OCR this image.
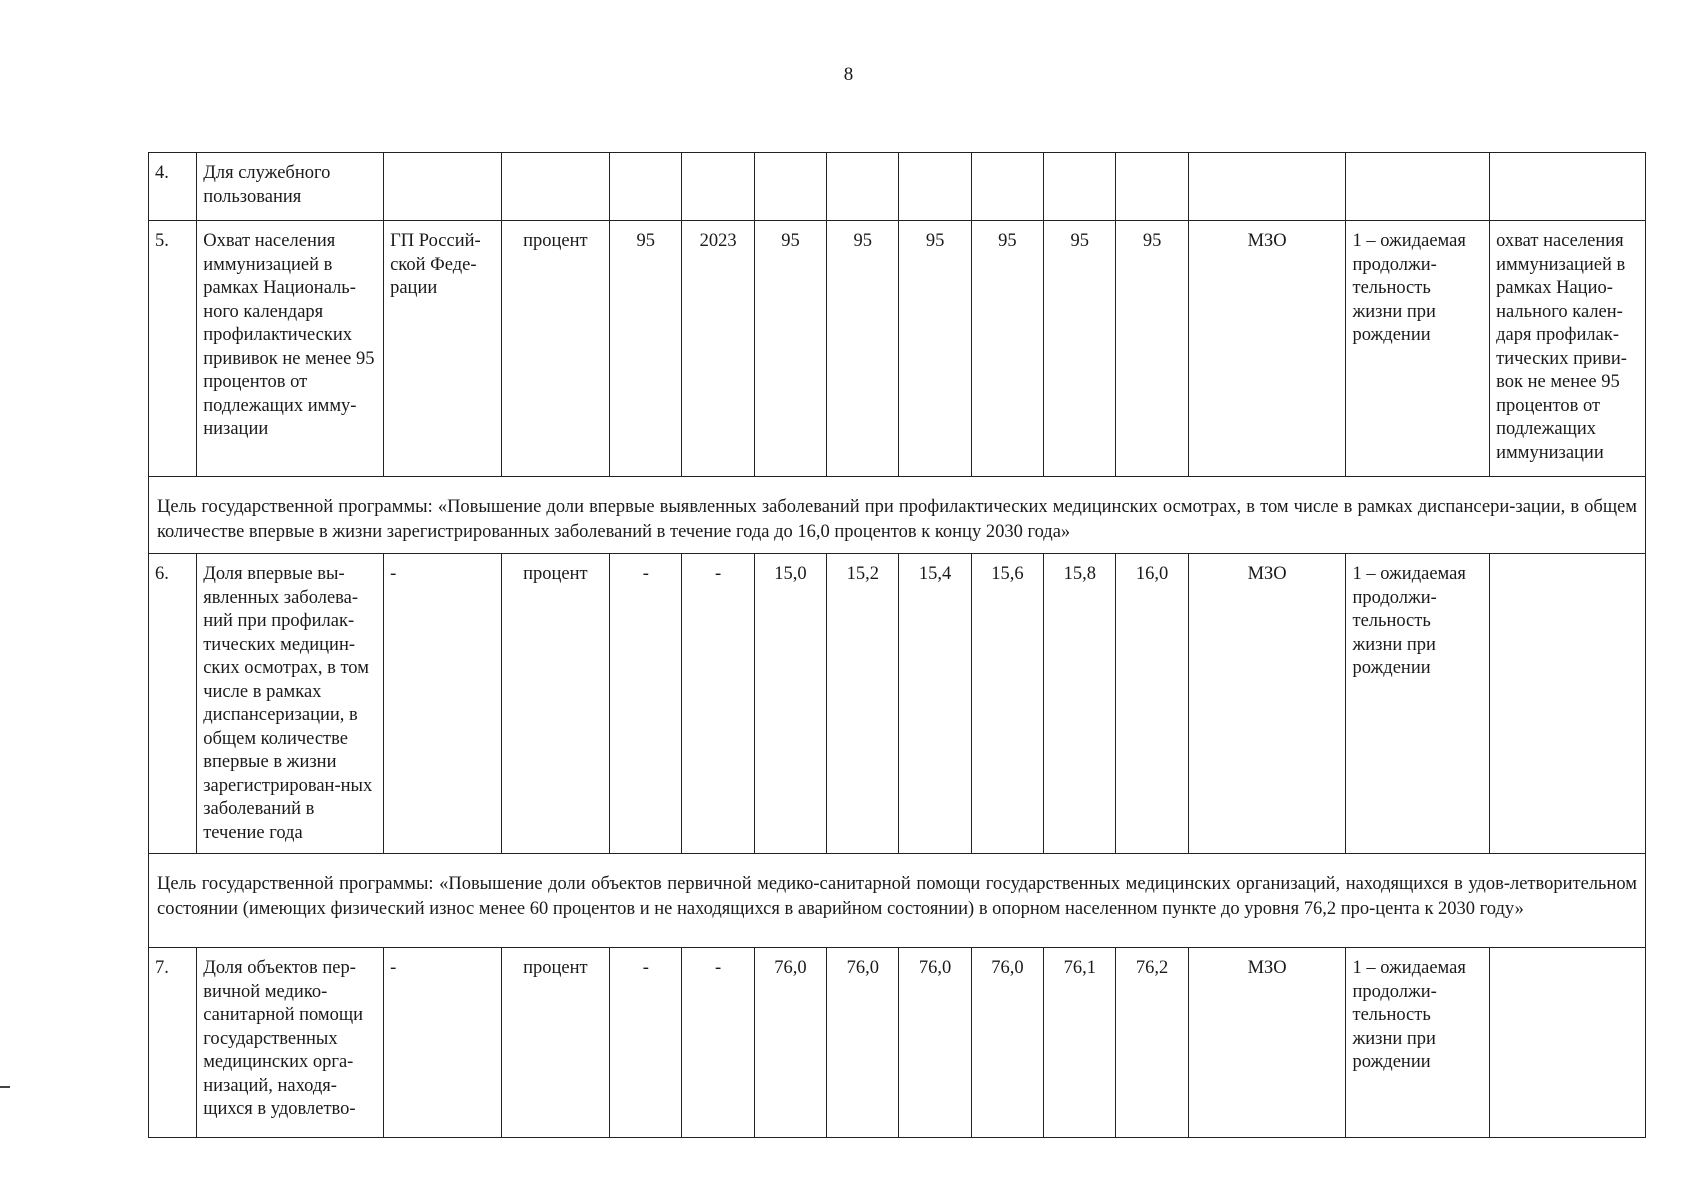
8
4.	Для служебного пользования													
5.	Охват населения иммунизацией в рамках Националь-ного календаря профилактических прививок не менее 95 процентов от подлежащих имму-низации	ГП Россий-ской Феде-рации	процент	95	2023	95	95	95	95	95	95	МЗО	1 – ожидаемая продолжи-тельность жизни при рождении	охват населения иммунизацией в рамках Нацио-нального кален-даря профилак-тических приви-вок не менее 95 процентов от подлежащих иммунизации
Цель государственной программы: «Повышение доли впервые выявленных заболеваний при профилактических медицинских осмотрах, в том числе в рамках диспансери-зации, в общем количестве впервые в жизни зарегистрированных заболеваний в течение года до 16,0 процентов к концу 2030 года»														
6.	Доля впервые вы-явленных заболева-ний при профилак-тических медицин-ских осмотрах, в том числе в рамках диспансеризации, в общем количестве впервые в жизни зарегистрирован-ных заболеваний в течение года	-	процент	-	-	15,0	15,2	15,4	15,6	15,8	16,0	МЗО	1 – ожидаемая продолжи-тельность жизни при рождении	
Цель государственной программы: «Повышение доли объектов первичной медико-санитарной помощи государственных медицинских организаций, находящихся в удов-летворительном состоянии (имеющих физический износ менее 60 процентов и не находящихся в аварийном состоянии) в опорном населенном пункте до уровня 76,2 про-цента к 2030 году»														
7.	Доля объектов пер-вичной медико-санитарной помощи государственных медицинских орга-низаций, находя-щихся в удовлетво-	-	процент	-	-	76,0	76,0	76,0	76,0	76,1	76,2	МЗО	1 – ожидаемая продолжи-тельность жизни при рождении	
